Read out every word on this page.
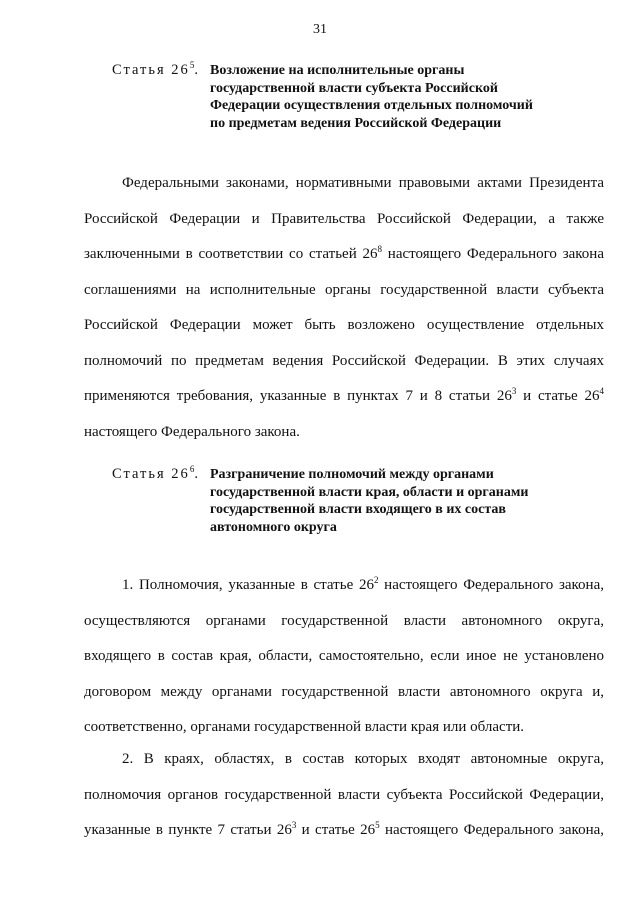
31
Статья $26^5$. Возложение на исполнительные органы
государственной власти субъекта Российской
Федерации осуществления отдельных полномочий
по предметам ведения Российской Федерации
Федеральными законами, нормативными правовыми актами Президента
Российской Федерации и Правительства Российской Федерации, а также
заключенными в соответствии со статьей $26^8$ настоящего Федерального закона
соглашениями на исполнительные органы государственной власти субъекта
Российской Федерации может быть возложено осуществление отдельных
полномочий по предметам ведения Российской Федерации. В этих случаях
применяются требования, указанные в пунктах 7 и 8 статьи $26^3$ и статье $26^4$
настоящего Федерального закона.
Статья $26^6$. Разграничение полномочий между органами
государственной власти края, области и органами
государственной власти входящего в их состав
автономного округа
1. Полномочия, указанные в статье $26^2$ настоящего Федерального закона,
осуществляются органами государственной власти автономного округа,
входящего в состав края, области, самостоятельно, если иное не установлено
договором между органами государственной власти автономного округа и,
соответственно, органами государственной власти края или области.
2. В краях, областях, в состав которых входят автономные округа,
полномочия органов государственной власти субъекта Российской Федерации,
указанные в пункте 7 статьи $26^3$ и статье $26^5$ настоящего Федерального закона,
